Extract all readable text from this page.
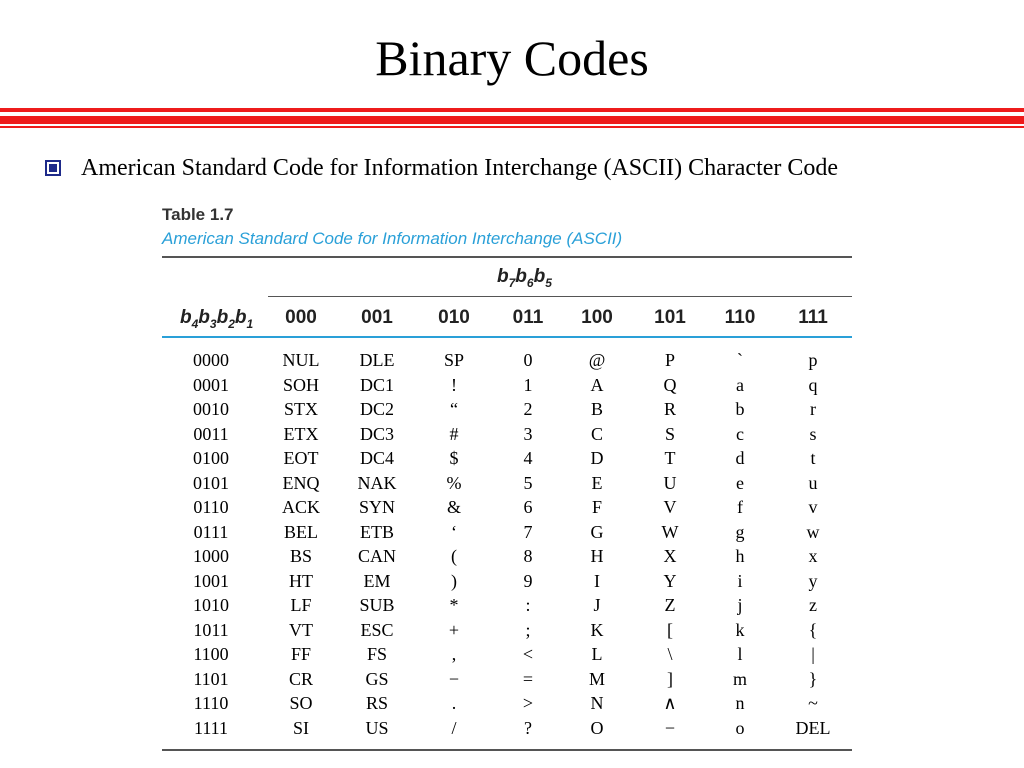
Binary Codes
American Standard Code for Information Interchange (ASCII) Character Code
Table 1.7
American Standard Code for Information Interchange (ASCII)
$b_7b_6b_5$
$b_4b_3b_2b_1$	000	001	010	011	100	101	110	111
0000	NUL	DLE	SP	0	@	P	`	p
0001	SOH	DC1	!	1	A	Q	a	q
0010	STX	DC2	“	2	B	R	b	r
0011	ETX	DC3	#	3	C	S	c	s
0100	EOT	DC4	$	4	D	T	d	t
0101	ENQ	NAK	%	5	E	U	e	u
0110	ACK	SYN	&	6	F	V	f	v
0111	BEL	ETB	‘	7	G	W	g	w
1000	BS	CAN	(	8	H	X	h	x
1001	HT	EM	)	9	I	Y	i	y
1010	LF	SUB	*	:	J	Z	j	z
1011	VT	ESC	+	;	K	[	k	{
1100	FF	FS	,	<	L	\	l	|
1101	CR	GS	−	=	M	]	m	}
1110	SO	RS	.	>	N	∧	n	~
1111	SI	US	/	?	O	−	o	DEL
